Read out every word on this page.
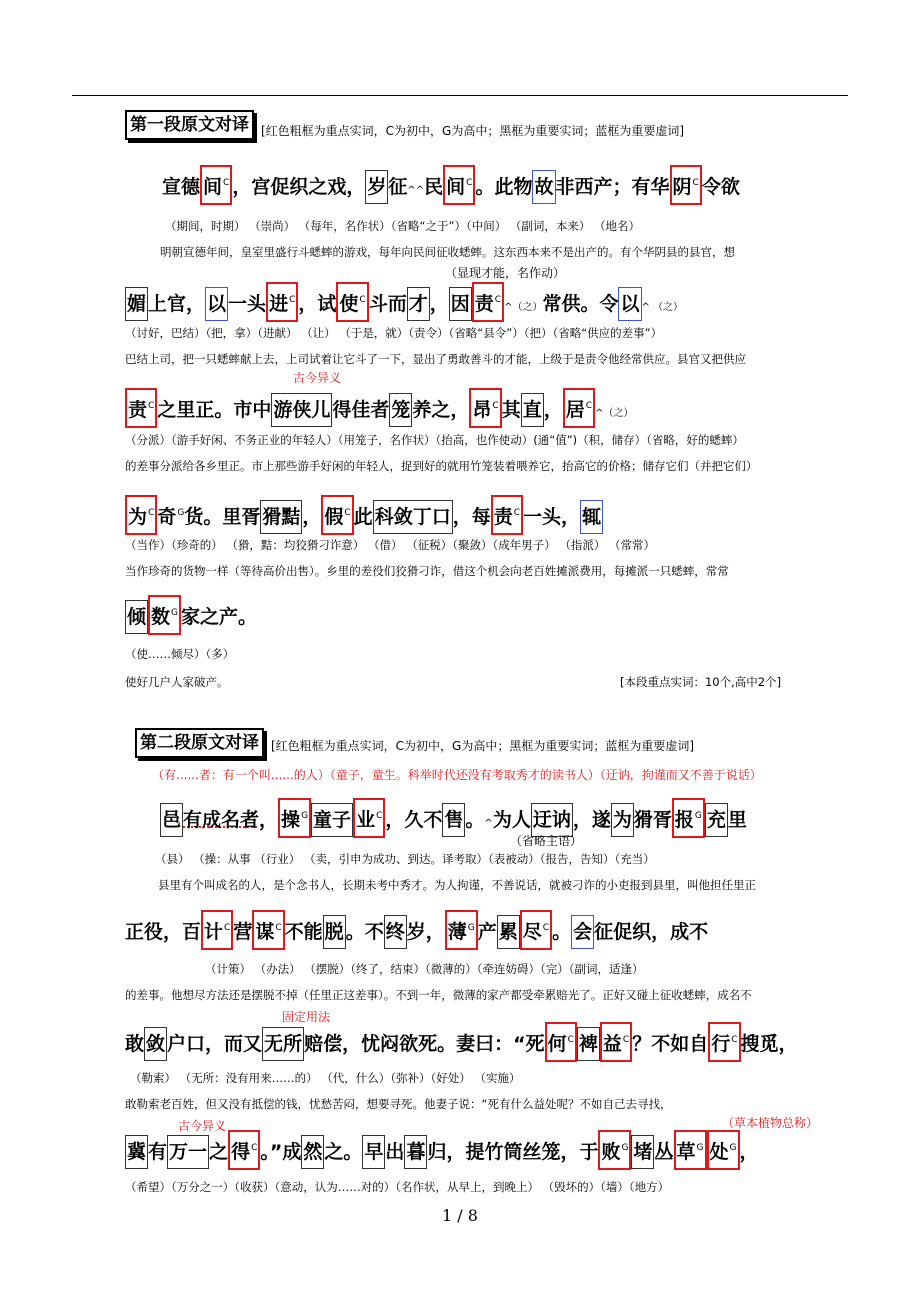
第一段原文对译	[红色粗框为重点实词，C为初中，G为高中；黑框为重要实词；蓝框为重要虚词]
宣德 间$^C$ ，宫促织之戏， 岁 征^^民 间$^C$ 。此物 故 非西产；有华 阴$^C$ 令欲
（期间，时期） （崇尚） （每年，名作状）（省略“之于”）（中间） （副词，本来） （地名）
明朝宣德年间，皇室里盛行斗蟋蟀的游戏，每年向民间征收蟋蟀。这东西本来不是出产的。有个华阴县的县官，想
（显现才能，名作动）
媚 上官， 以 一头 进$^C$ ，试 使$^C$ 斗而 才 ， 因 责$^C$^（之）常供。令 以 ^ （之）
（讨好，巴结）（把，拿）（进献） （让） （于是，就）（责令）（省略“县令”）（把）（省略“供应的差事”）
巴结上司，把一只蟋蟀献上去，上司试着让它斗了一下，显出了勇敢善斗的才能，上级于是责令他经常供应。县官又把供应
古今异义
责$^C$ 之里正。市中 游侠儿 得佳者 笼 养之， 昂$^C$ 其 直 ， 居$^C$^（之）
（分派）（游手好闲、不务正业的年轻人）（用笼子，名作状）（抬高，也作使动）(通“值”)（积，储存）（省略，好的蟋蟀）
的差事分派给各乡里正。市上那些游手好闲的年轻人，捉到好的就用竹笼装着喂养它，抬高它的价格；储存它们（并把它们）
为$^C$ 奇$^G$货。里胥 猾黠 ， 假$^C$ 此 科敛丁口 ，每 责$^C$ 一头， 辄
（当作）（珍奇的） （猾，黠：均狡猾刁诈意） （借） （征税）（聚敛）（成年男子） （指派） （常常）
当作珍奇的货物一样（等待高价出售）。乡里的差役们狡猾刁诈，借这个机会向老百姓摊派费用，每摊派一只蟋蟀，常常
倾 数$^G$ 家之产。
（使……倾尽）（多）
使好几户人家破产。	[本段重点实词：10个,高中2个]
第二段原文对译	[红色粗框为重点实词，C为初中，G为高中；黑框为重要实词；蓝框为重要虚词]
（有......者：有一个叫......的人）（童子，童生。科举时代还没有考取秀才的读书人）（迂讷，拘谨而又不善于说话）
邑 有成名者， 操$^G$ 童子 业$^C$ ，久不 售 。^为人 迂讷 ，遂 为 猾胥 报$^G$ 充 里
（省略主语）
（县） （操：从事 （行业） （卖，引申为成功、到达。译考取）（表被动）（报告，告知）（充当）
县里有个叫成名的人，是个念书人，长期未考中秀才。为人拘谨，不善说话，就被刁诈的小吏报到县里，叫他担任里正
正役，百 计$^C$ 营 谋$^C$ 不能 脱 。不 终 岁， 薄$^G$ 产 累 尽$^C$ 。 会 征促织，成不
（计策） （办法） （摆脱）（终了，结束）（微薄的）（牵连妨碍）（完）（副词，适逢）
的差事。他想尽方法还是摆脱不掉（任里正这差事）。不到一年，微薄的家产都受牵累赔光了。正好又碰上征收蟋蟀，成名不
固定用法
敢 敛 户口，而又 无所 赔偿，忧闷欲死。妻曰：“死 何$^C$ 裨 益$^C$ ？不如自 行$^C$ 搜觅，
（勒索） （无所：没有用来……的） （代，什么）（弥补）（好处） （实施）
敢勒索老百姓，但又没有抵偿的钱，忧愁苦闷，想要寻死。他妻子说：“死有什么益处呢？不如自己去寻找，
古今异义	（草本植物总称）
冀 有 万一 之 得$^C$ 。”成 然 之。 早 出 暮 归，提竹筒丝笼，于 败$^G$ 堵 丛 草$^G$ 处$^G$ ，
（希望）（万分之一）（收获）（意动，认为……对的）（名作状，从早上，到晚上） （毁坏的）（墙）（地方）
1 / 8
